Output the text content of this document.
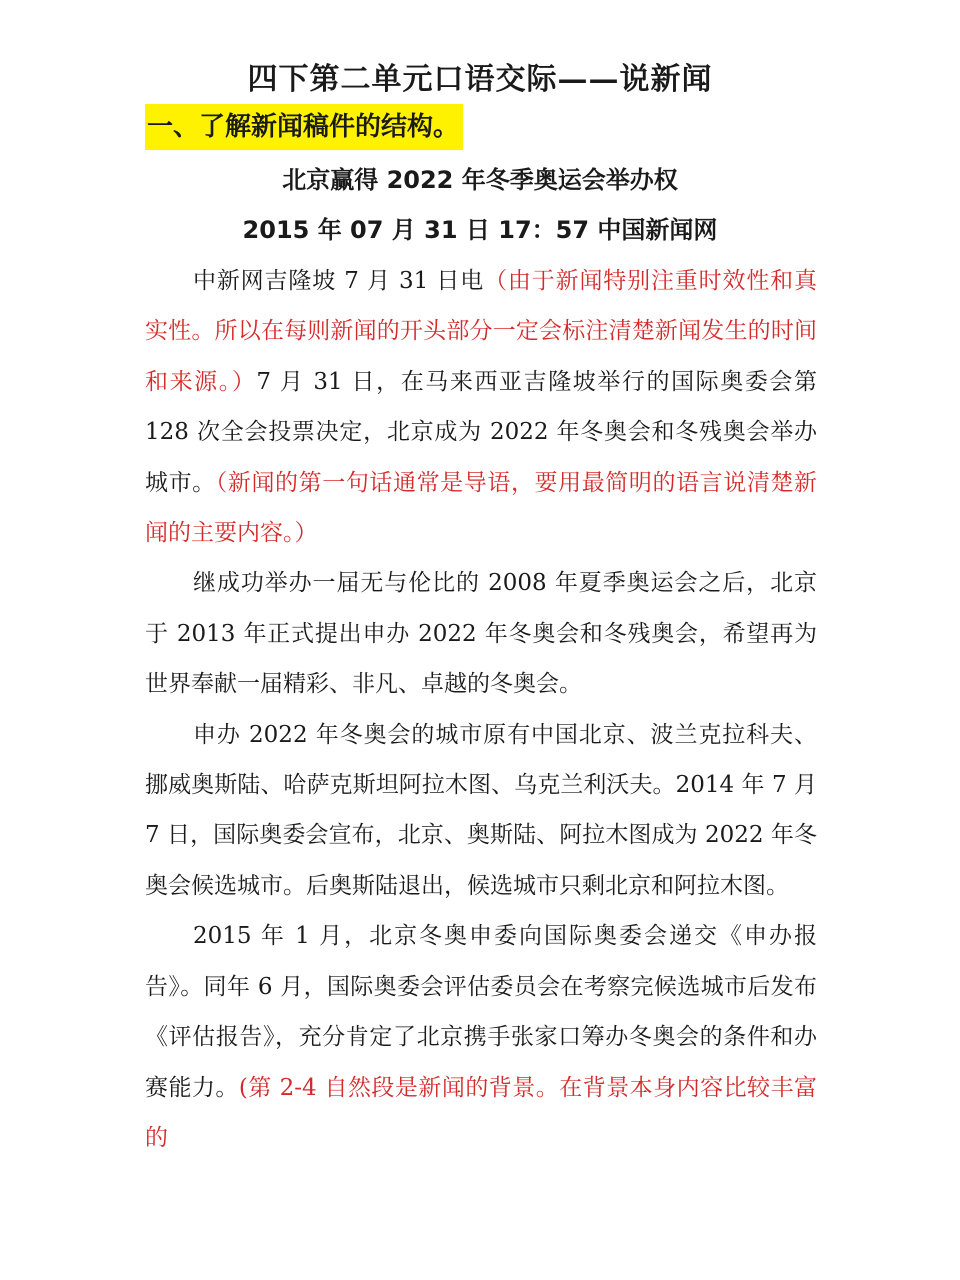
四下第二单元口语交际——说新闻
一、了解新闻稿件的结构。
北京赢得 2022 年冬季奥运会举办权
2015 年 07 月 31 日 17：57 中国新闻网

中新网吉隆坡 7 月 31 日电（由于新闻特别注重时效性和真实性。所以在每则新闻的开头部分一定会标注清楚新闻发生的时间和来源。）7 月 31 日，在马来西亚吉隆坡举行的国际奥委会第 128 次全会投票决定，北京成为 2022 年冬奥会和冬残奥会举办城市。（新闻的第一句话通常是导语，要用最简明的语言说清楚新闻的主要内容。）

继成功举办一届无与伦比的 2008 年夏季奥运会之后，北京于 2013 年正式提出申办 2022 年冬奥会和冬残奥会，希望再为世界奉献一届精彩、非凡、卓越的冬奥会。

申办 2022 年冬奥会的城市原有中国北京、波兰克拉科夫、挪威奥斯陆、哈萨克斯坦阿拉木图、乌克兰利沃夫。2014 年 7 月 7 日，国际奥委会宣布，北京、奥斯陆、阿拉木图成为 2022 年冬奥会候选城市。后奥斯陆退出，候选城市只剩北京和阿拉木图。

2015 年 1 月，北京冬奥申委向国际奥委会递交《申办报告》。同年 6 月，国际奥委会评估委员会在考察完候选城市后发布《评估报告》，充分肯定了北京携手张家口筹办冬奥会的条件和办赛能力。(第 2-4 自然段是新闻的背景。在背景本身内容比较丰富的
